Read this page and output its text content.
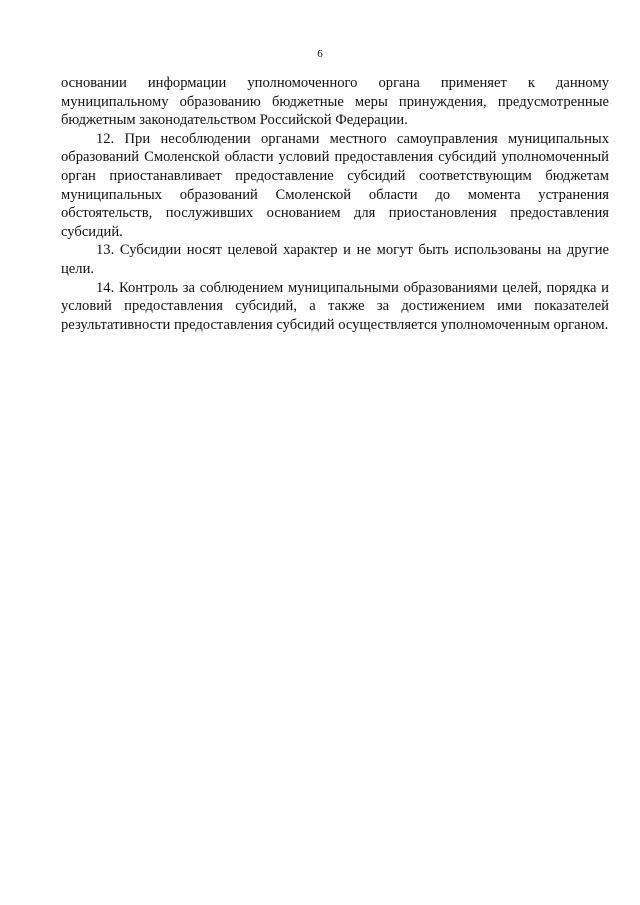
6

основании информации уполномоченного органа применяет к данному муниципальному образованию бюджетные меры принуждения, предусмотренные бюджетным законодательством Российской Федерации.

12. При несоблюдении органами местного самоуправления муниципальных образований Смоленской области условий предоставления субсидий уполномоченный орган приостанавливает предоставление субсидий соответствующим бюджетам муниципальных образований Смоленской области до момента устранения обстоятельств, послуживших основанием для приостановления предоставления субсидий.

13. Субсидии носят целевой характер и не могут быть использованы на другие цели.

14. Контроль за соблюдением муниципальными образованиями целей, порядка и условий предоставления субсидий, а также за достижением ими показателей результативности предоставления субсидий осуществляется уполномоченным органом.
